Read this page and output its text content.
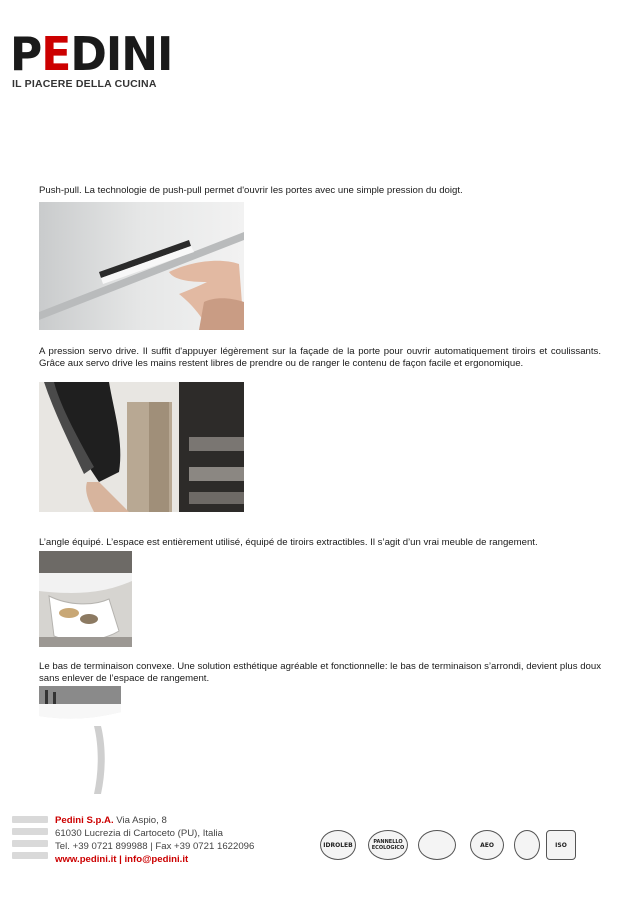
PEDINI
IL PIACERE DELLA CUCINA
Push-pull. La technologie de push-pull permet d'ouvrir les portes avec une simple pression du doigt.
A pression servo drive. Il suffit d'appuyer légèrement sur la façade de la porte pour ouvrir automatiquement tiroirs et coulissants. Grâce aux servo drive les mains restent libres de prendre ou de ranger le contenu de façon facile et ergonomique.
L’angle équipé. L’espace est entièrement utilisé, équipé de tiroirs extractibles. Il s’agit d’un vrai meuble de rangement.
Le bas de terminaison convexe. Une solution esthétique agréable et fonctionnelle: le bas de terminaison s’arrondi, devient plus doux sans enlever de l’espace de rangement.
Pedini S.p.A. Via Aspio, 8
61030 Lucrezia di Cartoceto (PU), Italia
Tel. +39 0721 899988 | Fax +39 0721 1622096
www.pedini.it | info@pedini.it
IDROLEB	PANNELLO ECOLOGICO	AEO	ISO
